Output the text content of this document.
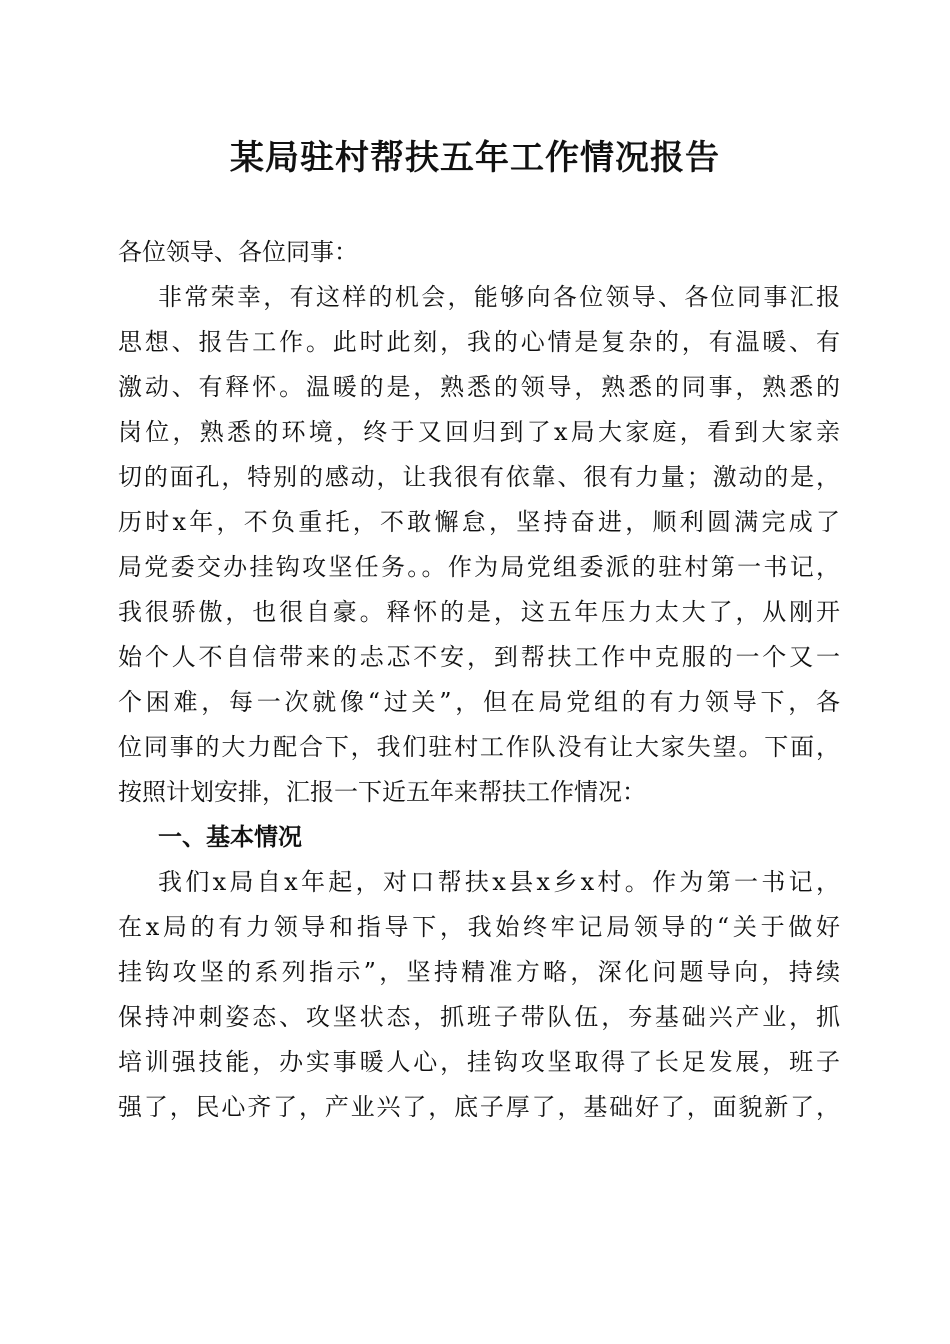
某局驻村帮扶五年工作情况报告
各位领导、各位同事：
非常荣幸，有这样的机会，能够向各位领导、各位同事汇报
思想、报告工作。此时此刻，我的心情是复杂的，有温暖、有
激动、有释怀。温暖的是，熟悉的领导，熟悉的同事，熟悉的
岗位，熟悉的环境，终于又回归到了x局大家庭，看到大家亲
切的面孔，特别的感动，让我很有依靠、很有力量；激动的是，
历时x年，不负重托，不敢懈怠，坚持奋进，顺利圆满完成了
局党委交办挂钩攻坚任务。。作为局党组委派的驻村第一书记，
我很骄傲，也很自豪。释怀的是，这五年压力太大了，从刚开
始个人不自信带来的忐忑不安，到帮扶工作中克服的一个又一
个困难，每一次就像“过关”，但在局党组的有力领导下，各
位同事的大力配合下，我们驻村工作队没有让大家失望。下面，
按照计划安排，汇报一下近五年来帮扶工作情况：
一、基本情况
我们x局自x年起，对口帮扶x县x乡x村。作为第一书记，
在x局的有力领导和指导下，我始终牢记局领导的“关于做好
挂钩攻坚的系列指示”，坚持精准方略，深化问题导向，持续
保持冲刺姿态、攻坚状态，抓班子带队伍，夯基础兴产业，抓
培训强技能，办实事暖人心，挂钩攻坚取得了长足发展，班子
强了，民心齐了，产业兴了，底子厚了，基础好了，面貌新了，
